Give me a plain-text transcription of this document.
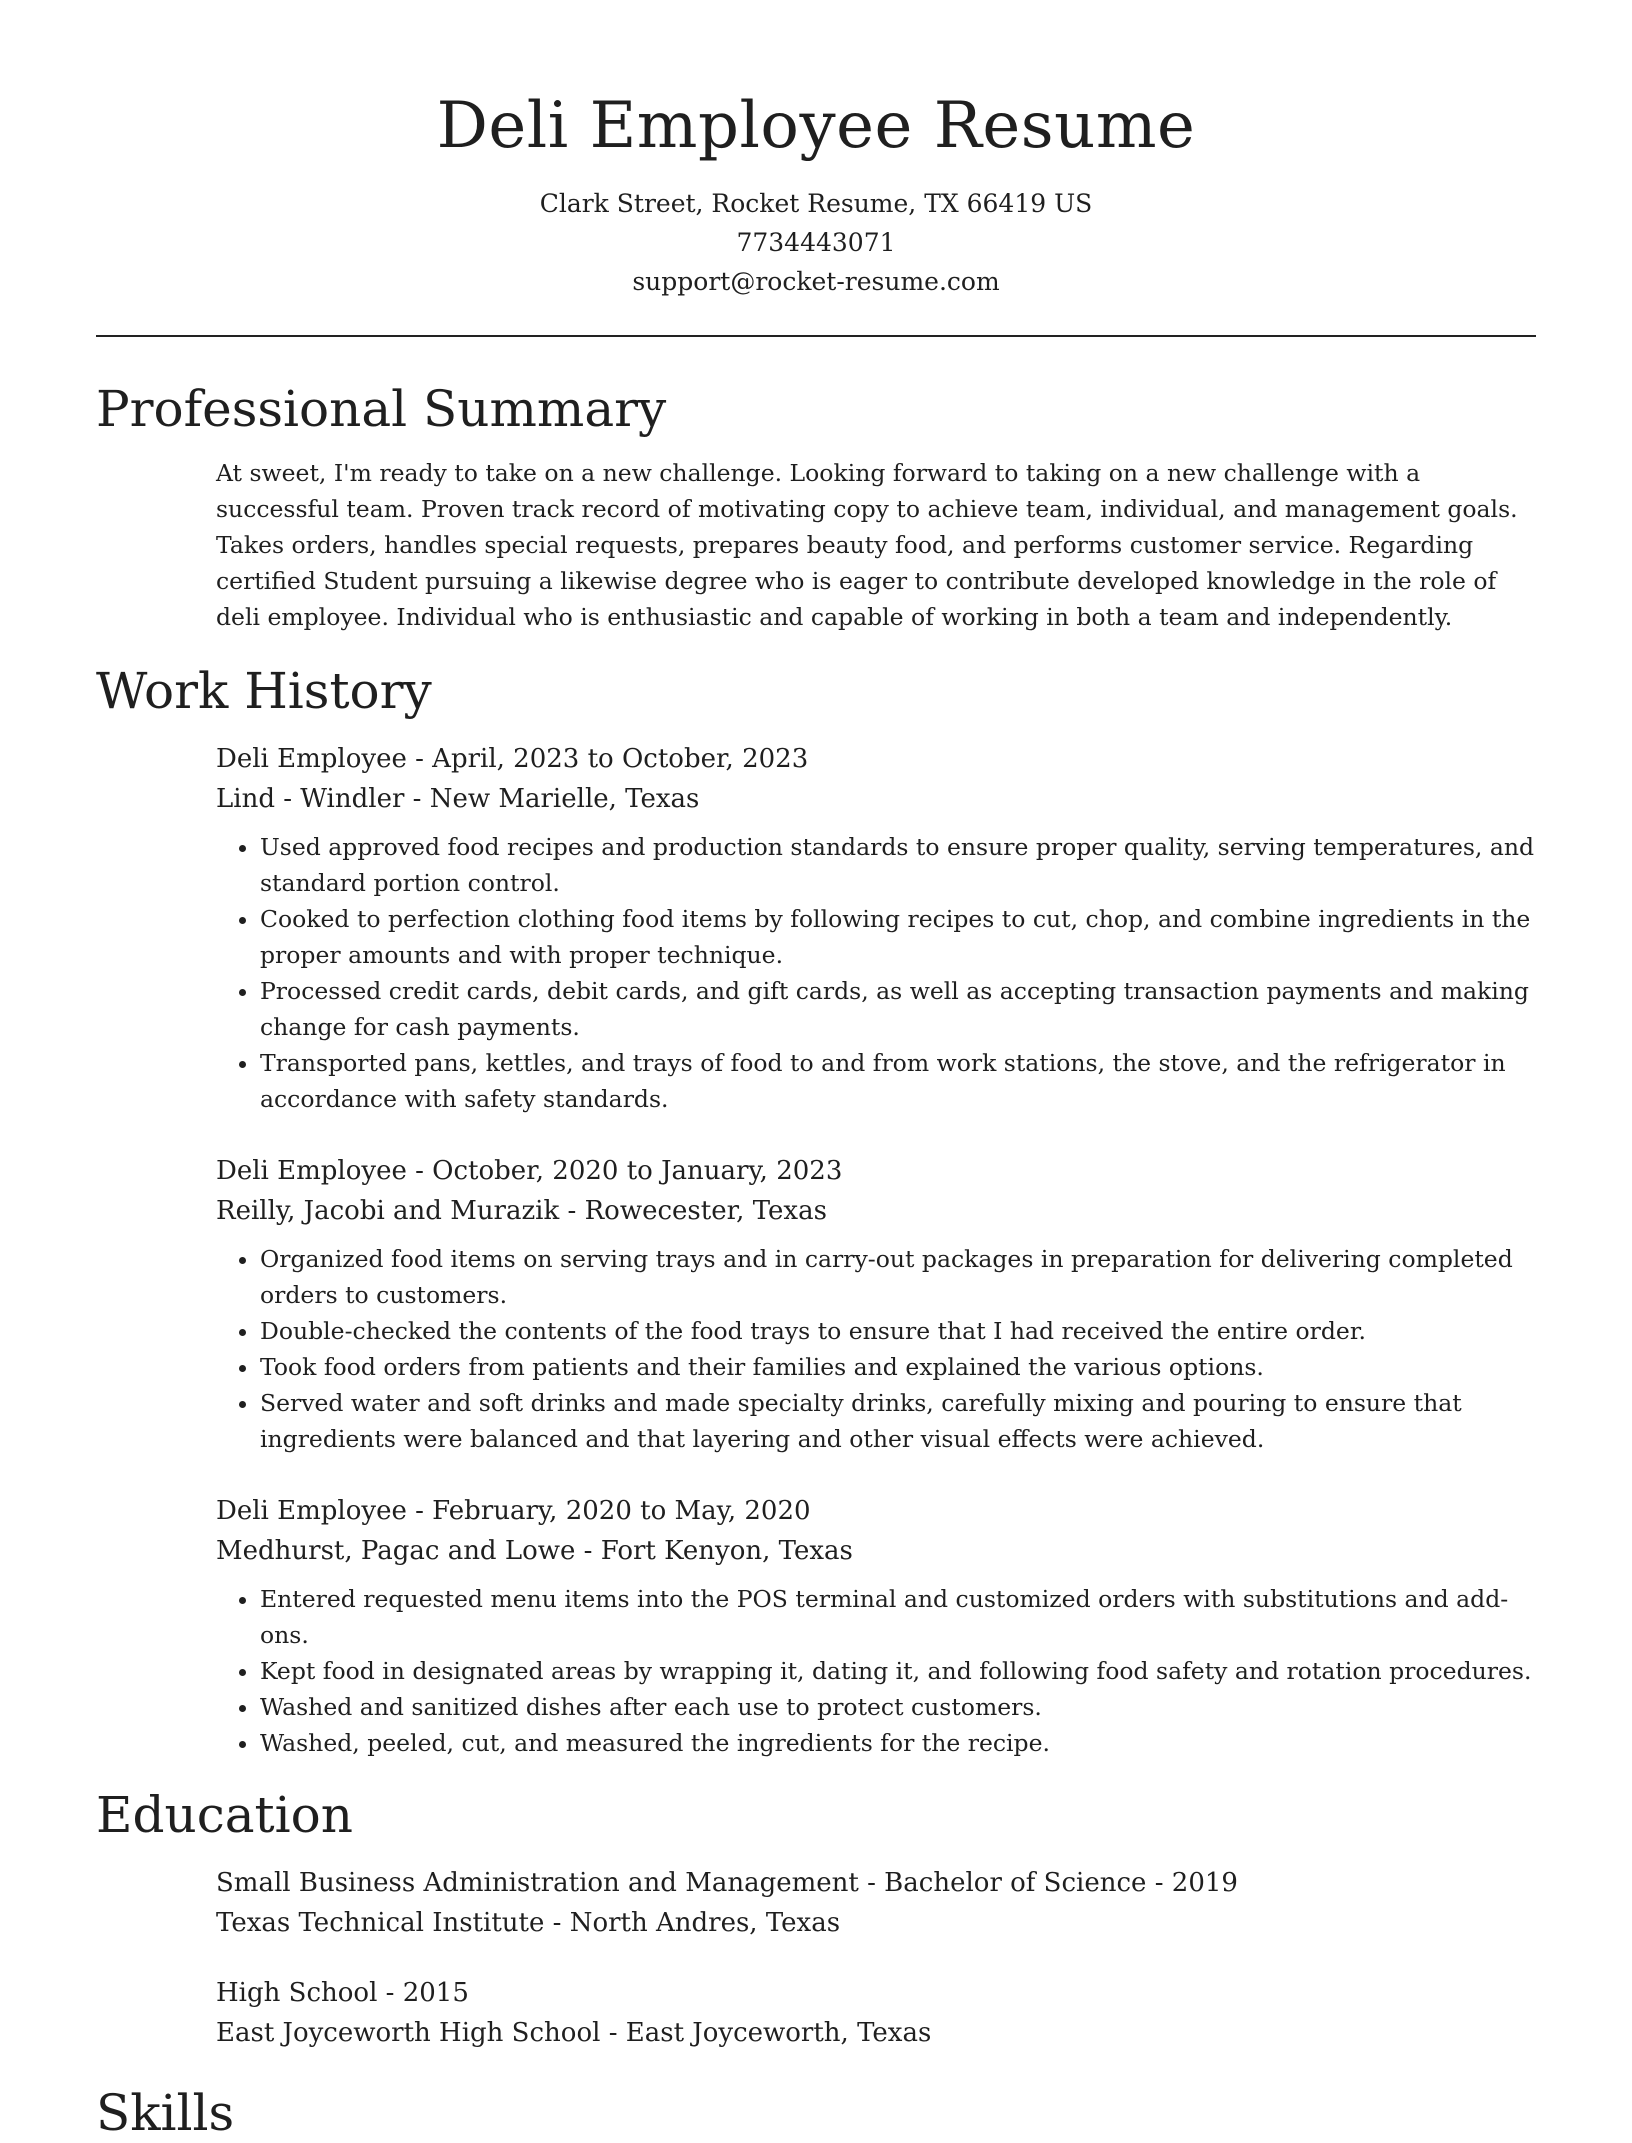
Deli Employee Resume
Clark Street, Rocket Resume, TX 66419 US
7734443071
support@rocket-resume.com
Professional Summary
At sweet, I'm ready to take on a new challenge. Looking forward to taking on a new challenge with a successful team. Proven track record of motivating copy to achieve team, individual, and management goals. Takes orders, handles special requests, prepares beauty food, and performs customer service. Regarding certified Student pursuing a likewise degree who is eager to contribute developed knowledge in the role of deli employee. Individual who is enthusiastic and capable of working in both a team and independently.
Work History
Deli Employee - April, 2023 to October, 2023
Lind - Windler - New Marielle, Texas
• Used approved food recipes and production standards to ensure proper quality, serving temperatures, and standard portion control.
• Cooked to perfection clothing food items by following recipes to cut, chop, and combine ingredients in the proper amounts and with proper technique.
• Processed credit cards, debit cards, and gift cards, as well as accepting transaction payments and making change for cash payments.
• Transported pans, kettles, and trays of food to and from work stations, the stove, and the refrigerator in accordance with safety standards.
Deli Employee - October, 2020 to January, 2023
Reilly, Jacobi and Murazik - Rowecester, Texas
• Organized food items on serving trays and in carry-out packages in preparation for delivering completed orders to customers.
• Double-checked the contents of the food trays to ensure that I had received the entire order.
• Took food orders from patients and their families and explained the various options.
• Served water and soft drinks and made specialty drinks, carefully mixing and pouring to ensure that ingredients were balanced and that layering and other visual effects were achieved.
Deli Employee - February, 2020 to May, 2020
Medhurst, Pagac and Lowe - Fort Kenyon, Texas
• Entered requested menu items into the POS terminal and customized orders with substitutions and add-ons.
• Kept food in designated areas by wrapping it, dating it, and following food safety and rotation procedures.
• Washed and sanitized dishes after each use to protect customers.
• Washed, peeled, cut, and measured the ingredients for the recipe.
Education
Small Business Administration and Management - Bachelor of Science - 2019
Texas Technical Institute - North Andres, Texas
High School - 2015
East Joyceworth High School - East Joyceworth, Texas
Skills
